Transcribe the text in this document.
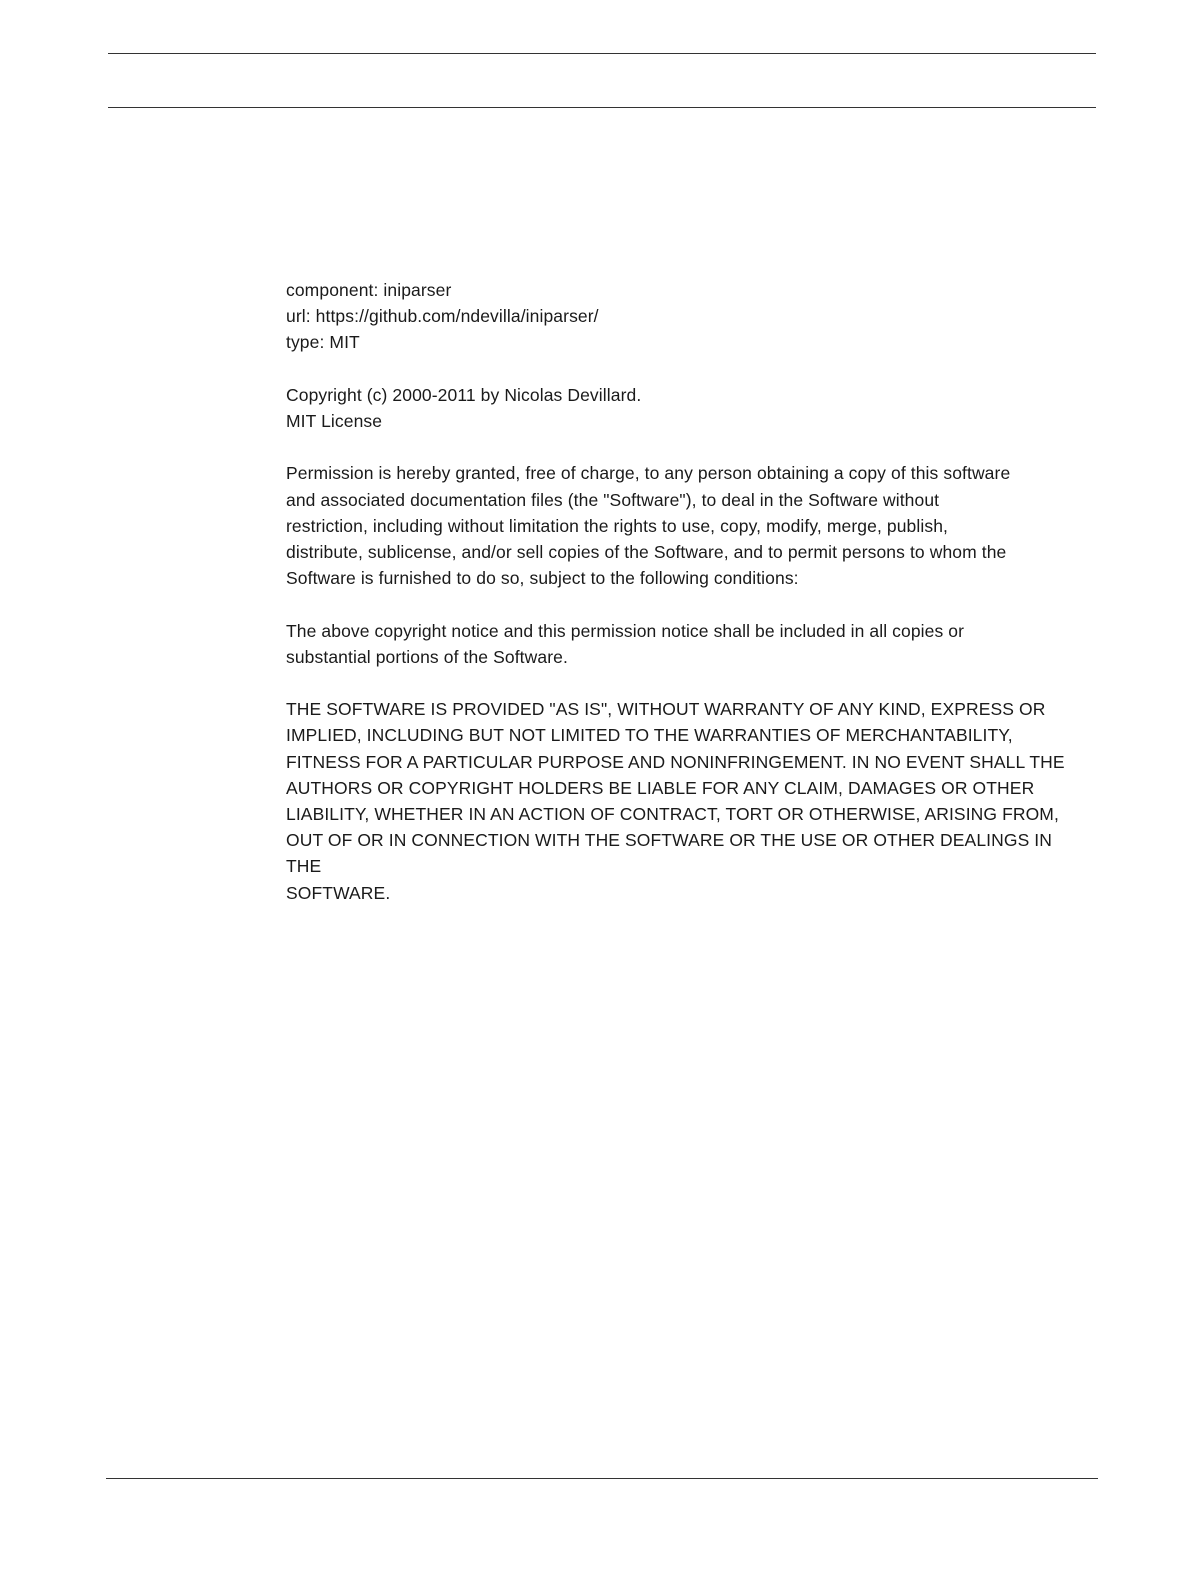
component: iniparser
url: https://github.com/ndevilla/iniparser/
type: MIT

Copyright (c) 2000-2011 by Nicolas Devillard.
MIT License

Permission is hereby granted, free of charge, to any person obtaining a copy of this software
and associated documentation files (the "Software"), to deal in the Software without
restriction, including without limitation the rights to use, copy, modify, merge, publish,
distribute, sublicense, and/or sell copies of the Software, and to permit persons to whom the
Software is furnished to do so, subject to the following conditions:

The above copyright notice and this permission notice shall be included in all copies or
substantial portions of the Software.

THE SOFTWARE IS PROVIDED "AS IS", WITHOUT WARRANTY OF ANY KIND, EXPRESS OR
IMPLIED, INCLUDING BUT NOT LIMITED TO THE WARRANTIES OF MERCHANTABILITY,
FITNESS FOR A PARTICULAR PURPOSE AND NONINFRINGEMENT. IN NO EVENT SHALL THE
AUTHORS OR COPYRIGHT HOLDERS BE LIABLE FOR ANY CLAIM, DAMAGES OR OTHER
LIABILITY, WHETHER IN AN ACTION OF CONTRACT, TORT OR OTHERWISE, ARISING FROM,
OUT OF OR IN CONNECTION WITH THE SOFTWARE OR THE USE OR OTHER DEALINGS IN THE
SOFTWARE.
